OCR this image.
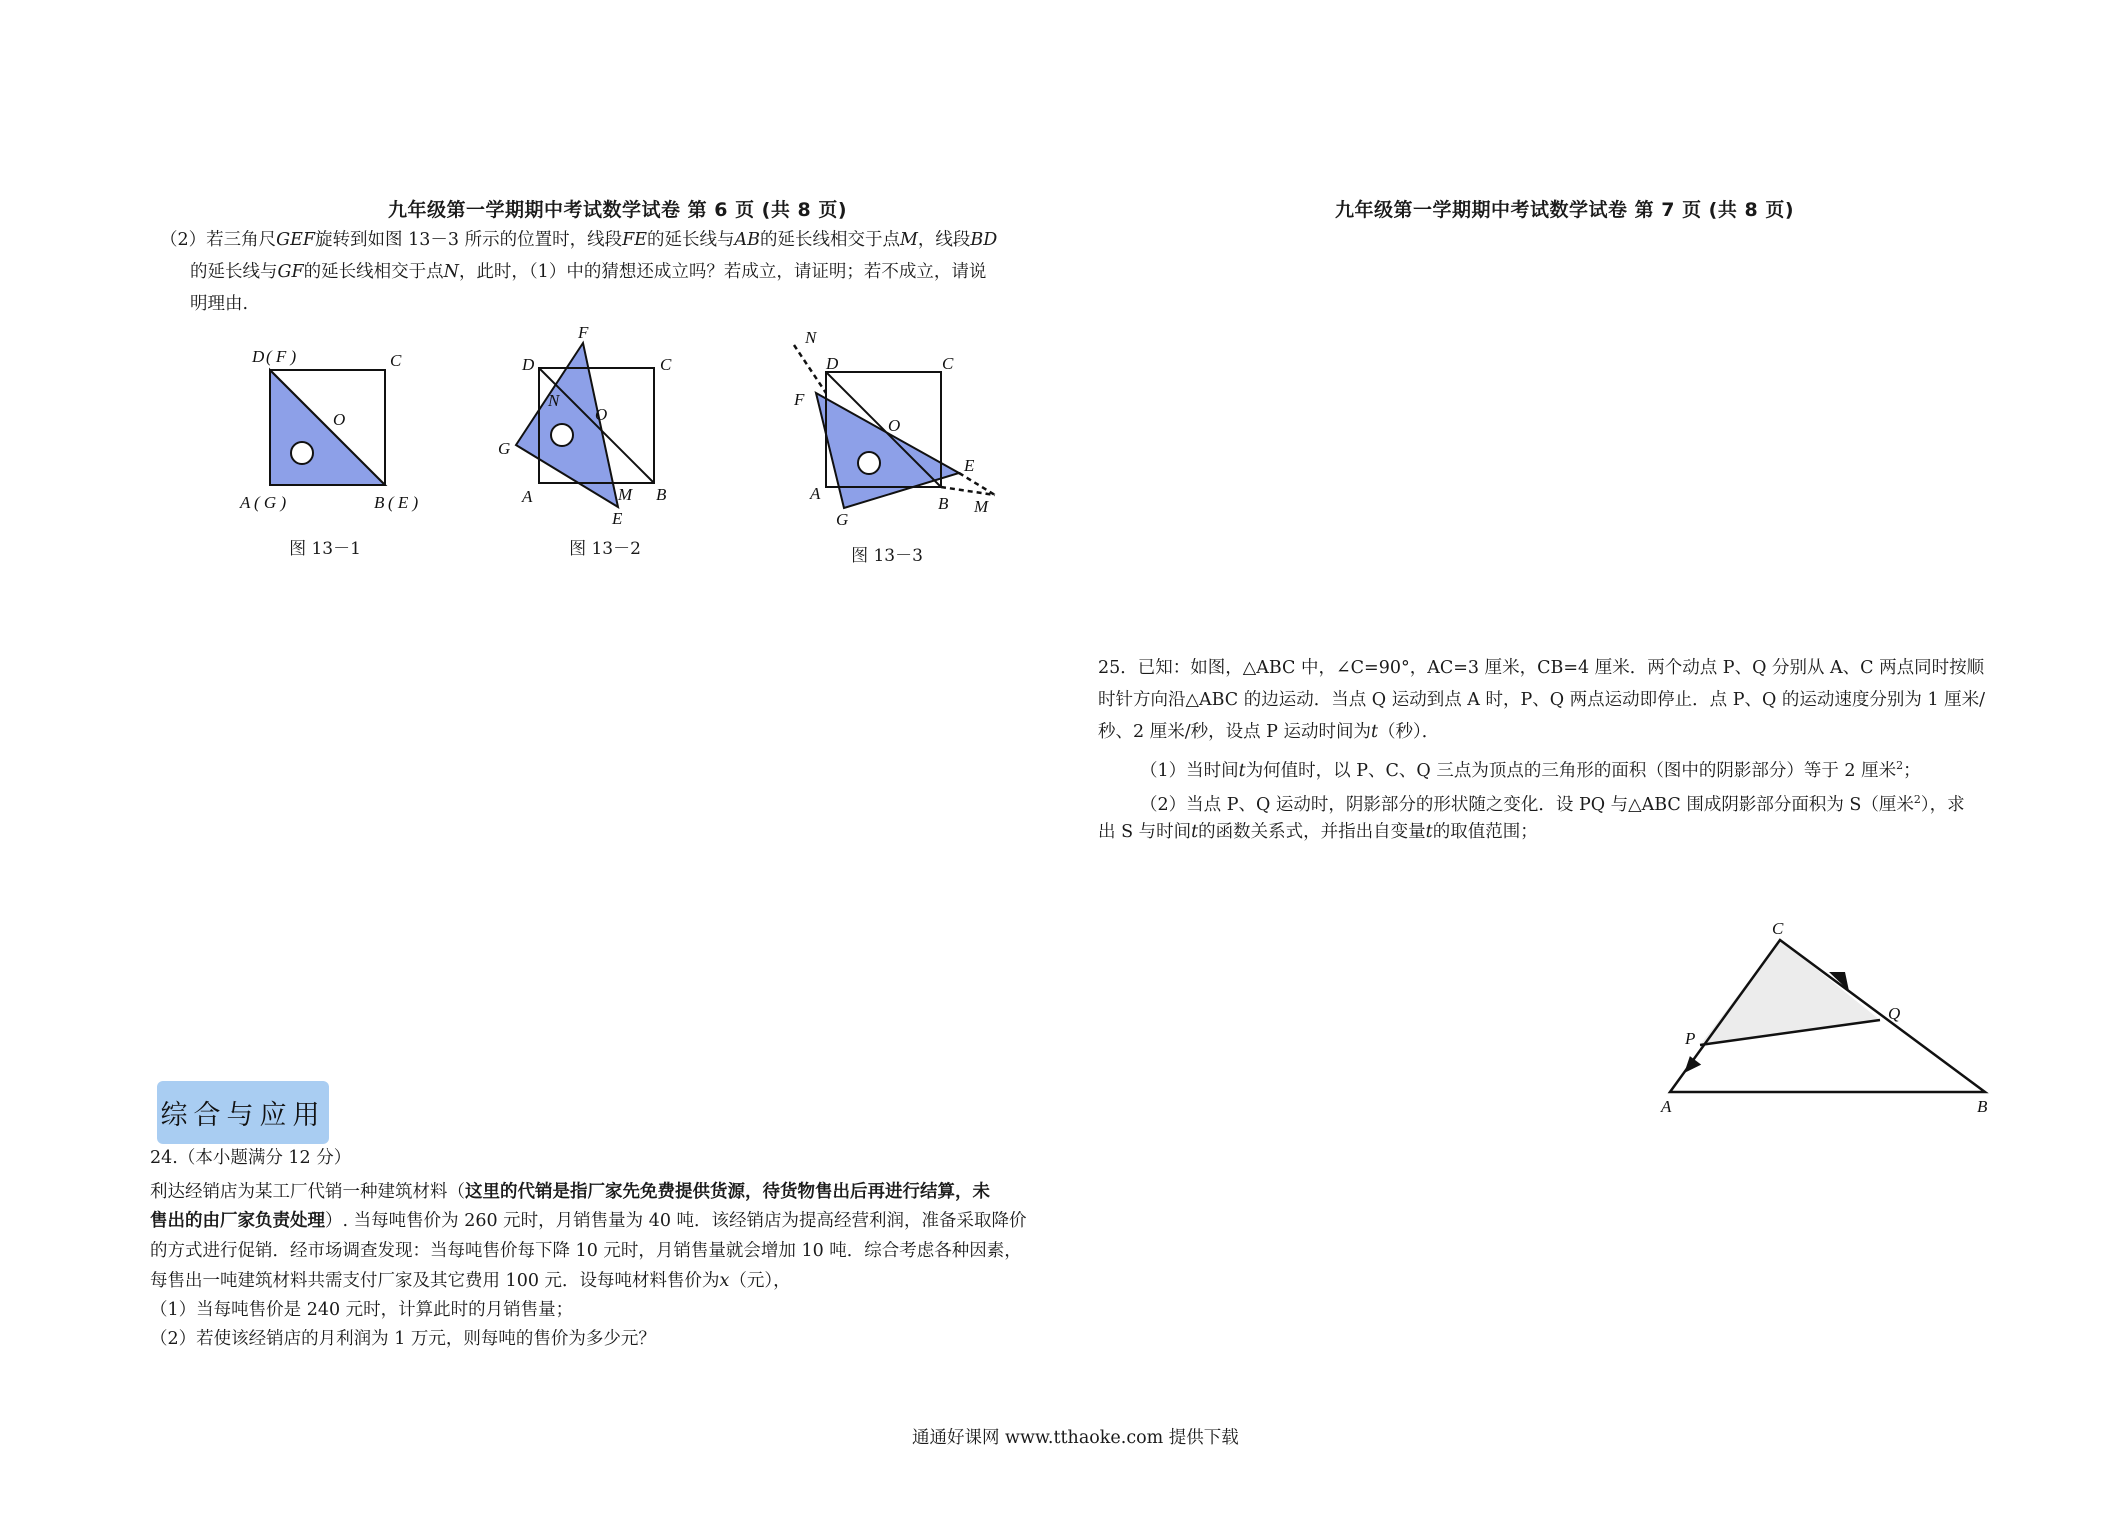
九年级第一学期期中考试数学试卷 第 6 页 (共 8 页)
（2）若三角尺GEF旋转到如图 13－3 所示的位置时，线段FE的延长线与AB的延长线相交于点M，线段BD
的延长线与GF的延长线相交于点N，此时，（1）中的猜想还成立吗？若成立，请证明；若不成立，请说
明理由.
D ( F )	C
O
A ( G )	B ( E )
图 13－1
F
D	C
N
O
G
A	M B
E
图 13－2
N
D	C
F
O
E
A
B M
G
图 13－3
综合与应用
24.（本小题满分 12 分）
利达经销店为某工厂代销一种建筑材料（这里的代销是指厂家先免费提供货源，待货物售出后再进行结算，未
售出的由厂家负责处理）. 当每吨售价为 260 元时，月销售量为 40 吨．该经销店为提高经营利润，准备采取降价
的方式进行促销．经市场调查发现：当每吨售价每下降 10 元时，月销售量就会增加 10 吨．综合考虑各种因素，
每售出一吨建筑材料共需支付厂家及其它费用 100 元．设每吨材料售价为x（元），
（1）当每吨售价是 240 元时，计算此时的月销售量；
（2）若使该经销店的月利润为 1 万元，则每吨的售价为多少元？
九年级第一学期期中考试数学试卷 第 7 页 (共 8 页)
25．已知：如图，△ABC 中，∠C=90°，AC=3 厘米，CB=4 厘米．两个动点 P、Q 分别从 A、C 两点同时按顺
时针方向沿△ABC 的边运动．当点 Q 运动到点 A 时，P、Q 两点运动即停止．点 P、Q 的运动速度分别为 1 厘米/
秒、2 厘米/秒，设点 P 运动时间为t（秒）．
（1）当时间t为何值时，以 P、C、Q 三点为顶点的三角形的面积（图中的阴影部分）等于 2 厘米$^2$；
（2）当点 P、Q 运动时，阴影部分的形状随之变化．设 PQ 与△ABC 围成阴影部分面积为 S（厘米$^2$），求
出 S 与时间t的函数关系式，并指出自变量t的取值范围；
C
Q
P
A	B
通通好课网 www.tthaoke.com 提供下载
